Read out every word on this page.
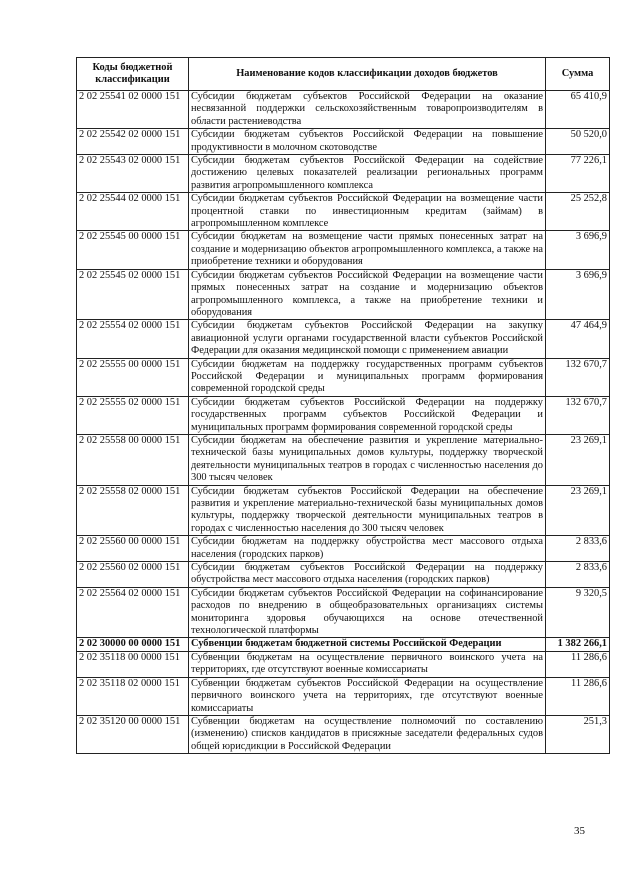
Коды бюджетной классификации	Наименование кодов классификации доходов бюджетов	Сумма
2 02 25541 02 0000 151	Субсидии бюджетам субъектов Российской Федерации на оказание несвязанной поддержки сельскохозяйственным товаропроизводителям в области растениеводства	65 410,9
2 02 25542 02 0000 151	Субсидии бюджетам субъектов Российской Федерации на повышение продуктивности в молочном скотоводстве	50 520,0
2 02 25543 02 0000 151	Субсидии бюджетам субъектов Российской Федерации на содействие достижению целевых показателей реализации региональных программ развития агропромышленного комплекса	77 226,1
2 02 25544 02 0000 151	Субсидии бюджетам субъектов Российской Федерации на возмещение части процентной ставки по инвестиционным кредитам (займам) в агропромышленном комплексе	25 252,8
2 02 25545 00 0000 151	Субсидии бюджетам на возмещение части прямых понесенных затрат на создание и модернизацию объектов агропромышленного комплекса, а также на приобретение техники и оборудования	3 696,9
2 02 25545 02 0000 151	Субсидии бюджетам субъектов Российской Федерации на возмещение части прямых понесенных затрат на создание и модернизацию объектов агропромышленного комплекса, а также на приобретение техники и оборудования	3 696,9
2 02 25554 02 0000 151	Субсидии бюджетам субъектов Российской Федерации на закупку авиационной услуги органами государственной власти субъектов Российской Федерации для оказания медицинской помощи с применением авиации	47 464,9
2 02 25555 00 0000 151	Субсидии бюджетам на поддержку государственных программ субъектов Российской Федерации и муниципальных программ формирования современной городской среды	132 670,7
2 02 25555 02 0000 151	Субсидии бюджетам субъектов Российской Федерации на поддержку государственных программ субъектов Российской Федерации и муниципальных программ формирования современной городской среды	132 670,7
2 02 25558 00 0000 151	Субсидии бюджетам на обеспечение развития и укрепление материально-технической базы муниципальных домов культуры, поддержку творческой деятельности муниципальных театров в городах с численностью населения до 300 тысяч человек	23 269,1
2 02 25558 02 0000 151	Субсидии бюджетам субъектов Российской Федерации на обеспечение развития и укрепление материально-технической базы муниципальных домов культуры, поддержку творческой деятельности муниципальных театров в городах с численностью населения до 300 тысяч человек	23 269,1
2 02 25560 00 0000 151	Субсидии бюджетам на поддержку обустройства мест массового отдыха населения (городских парков)	2 833,6
2 02 25560 02 0000 151	Субсидии бюджетам субъектов Российской Федерации на поддержку обустройства мест массового отдыха населения (городских парков)	2 833,6
2 02 25564 02 0000 151	Субсидии бюджетам субъектов Российской Федерации на софинансирование расходов по внедрению в общеобразовательных организациях системы мониторинга здоровья обучающихся на основе отечественной технологической платформы	9 320,5
2 02 30000 00 0000 151	Субвенции бюджетам бюджетной системы Российской Федерации	1 382 266,1
2 02 35118 00 0000 151	Субвенции бюджетам на осуществление первичного воинского учета на территориях, где отсутствуют военные комиссариаты	11 286,6
2 02 35118 02 0000 151	Субвенции бюджетам субъектов Российской Федерации на осуществление первичного воинского учета на территориях, где отсутствуют военные комиссариаты	11 286,6
2 02 35120 00 0000 151	Субвенции бюджетам на осуществление полномочий по составлению (изменению) списков кандидатов в присяжные заседатели федеральных судов общей юрисдикции в Российской Федерации	251,3
35
